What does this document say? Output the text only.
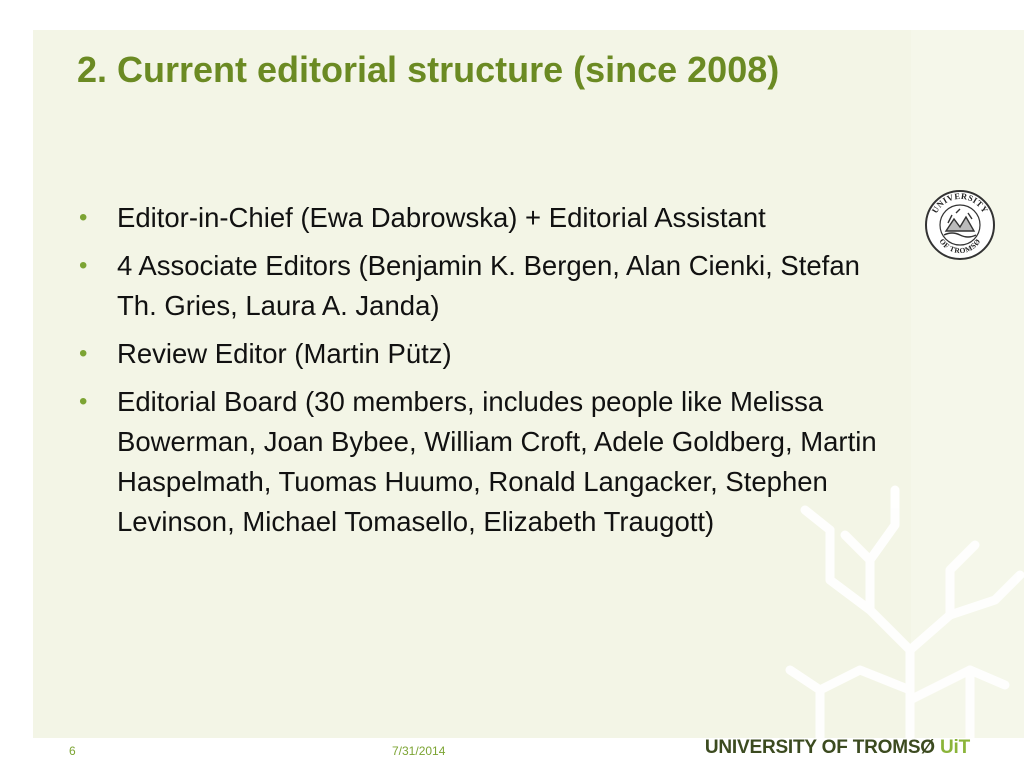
2. Current editorial structure (since 2008)
• Editor-in-Chief (Ewa Dabrowska) + Editorial Assistant
• 4 Associate Editors (Benjamin K. Bergen, Alan Cienki, Stefan Th. Gries, Laura A. Janda)
• Review Editor (Martin Pütz)
• Editorial Board (30 members, includes people like Melissa Bowerman, Joan Bybee, William Croft, Adele Goldberg, Martin Haspelmath, Tuomas Huumo, Ronald Langacker, Stephen Levinson, Michael Tomasello, Elizabeth Traugott)
UNIVERSITY
OF TROMSØ
6	7/31/2014	UNIVERSITY OF TROMSØ UiT
